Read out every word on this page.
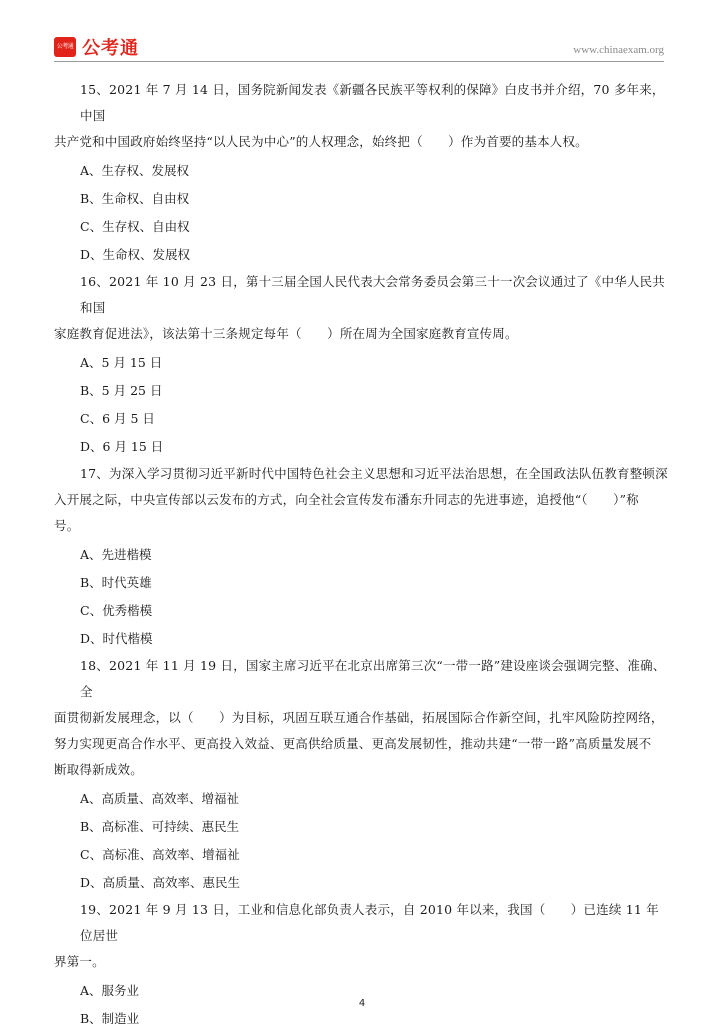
公考通 公考通	www.chinaexam.org

15、2021 年 7 月 14 日，国务院新闻发表《新疆各民族平等权利的保障》白皮书并介绍，70 多年来，中国
共产党和中国政府始终坚持“以人民为中心”的人权理念，始终把（　　）作为首要的基本人权。

A、生存权、发展权

B、生命权、自由权

C、生存权、自由权

D、生命权、发展权

16、2021 年 10 月 23 日，第十三届全国人民代表大会常务委员会第三十一次会议通过了《中华人民共和国
家庭教育促进法》，该法第十三条规定每年（　　）所在周为全国家庭教育宣传周。

A、5 月 15 日

B、5 月 25 日

C、6 月 5 日

D、6 月 15 日

17、为深入学习贯彻习近平新时代中国特色社会主义思想和习近平法治思想，在全国政法队伍教育整顿深
入开展之际，中央宣传部以云发布的方式，向全社会宣传发布潘东升同志的先进事迹，追授他“（　　）”称
号。

A、先进楷模

B、时代英雄

C、优秀楷模

D、时代楷模

18、2021 年 11 月 19 日，国家主席习近平在北京出席第三次“一带一路”建设座谈会强调完整、准确、全
面贯彻新发展理念，以（　　）为目标，巩固互联互通合作基础，拓展国际合作新空间，扎牢风险防控网络，
努力实现更高合作水平、更高投入效益、更高供给质量、更高发展韧性，推动共建“一带一路”高质量发展不
断取得新成效。

A、高质量、高效率、增福祉

B、高标准、可持续、惠民生

C、高标准、高效率、增福祉

D、高质量、高效率、惠民生

19、2021 年 9 月 13 日，工业和信息化部负责人表示，自 2010 年以来，我国（　　）已连续 11 年位居世
界第一。

A、服务业

B、制造业

4
